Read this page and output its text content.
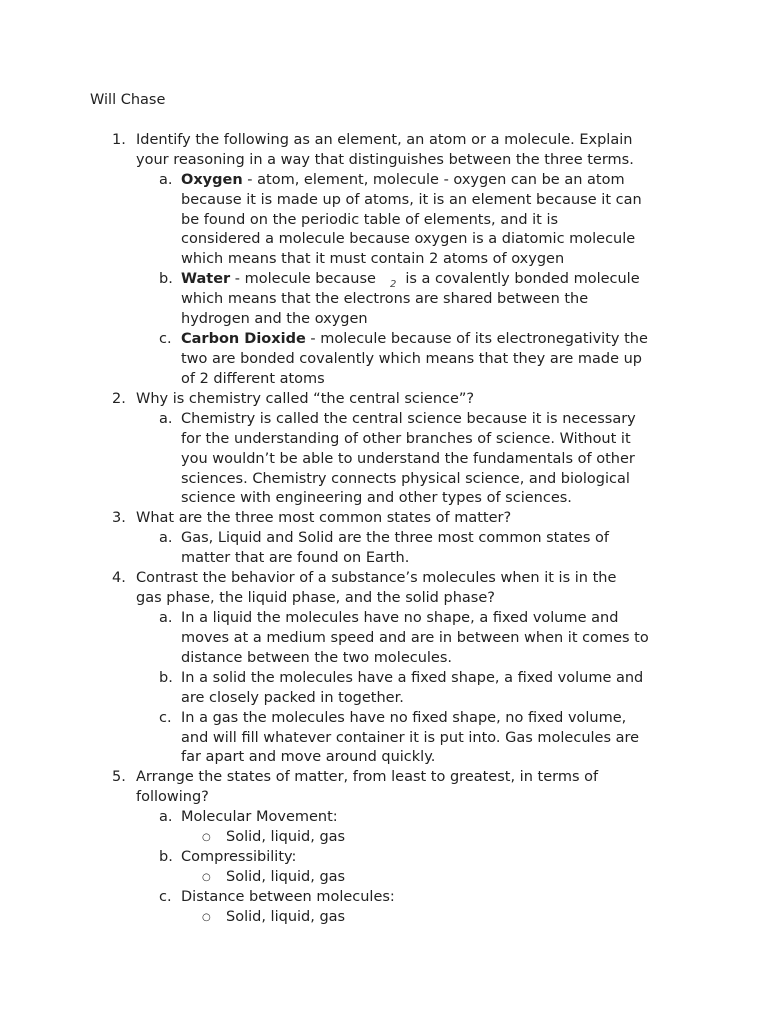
Will Chase
1. Identify the following as an element, an atom or a molecule. Explain
your reasoning in a way that distinguishes between the three terms.
a. Oxygen - atom, element, molecule - oxygen can be an atom
because it is made up of atoms, it is an element because it can
be found on the periodic table of elements, and it is
considered a molecule because oxygen is a diatomic molecule
which means that it must contain 2 atoms of oxygen
b. Water - molecule because 2 is a covalently bonded molecule
which means that the electrons are shared between the
hydrogen and the oxygen
c. Carbon Dioxide - molecule because of its electronegativity the
two are bonded covalently which means that they are made up
of 2 different atoms
2. Why is chemistry called “the central science”?
a. Chemistry is called the central science because it is necessary
for the understanding of other branches of science. Without it
you wouldn’t be able to understand the fundamentals of other
sciences. Chemistry connects physical science, and biological
science with engineering and other types of sciences.
3. What are the three most common states of matter?
a. Gas, Liquid and Solid are the three most common states of
matter that are found on Earth.
4. Contrast the behavior of a substance’s molecules when it is in the
gas phase, the liquid phase, and the solid phase?
a. In a liquid the molecules have no shape, a fixed volume and
moves at a medium speed and are in between when it comes to
distance between the two molecules.
b. In a solid the molecules have a fixed shape, a fixed volume and
are closely packed in together.
c. In a gas the molecules have no fixed shape, no fixed volume,
and will fill whatever container it is put into. Gas molecules are
far apart and move around quickly.
5. Arrange the states of matter, from least to greatest, in terms of
following?
a. Molecular Movement:
○ Solid, liquid, gas
b. Compressibility:
○ Solid, liquid, gas
c. Distance between molecules:
○ Solid, liquid, gas
